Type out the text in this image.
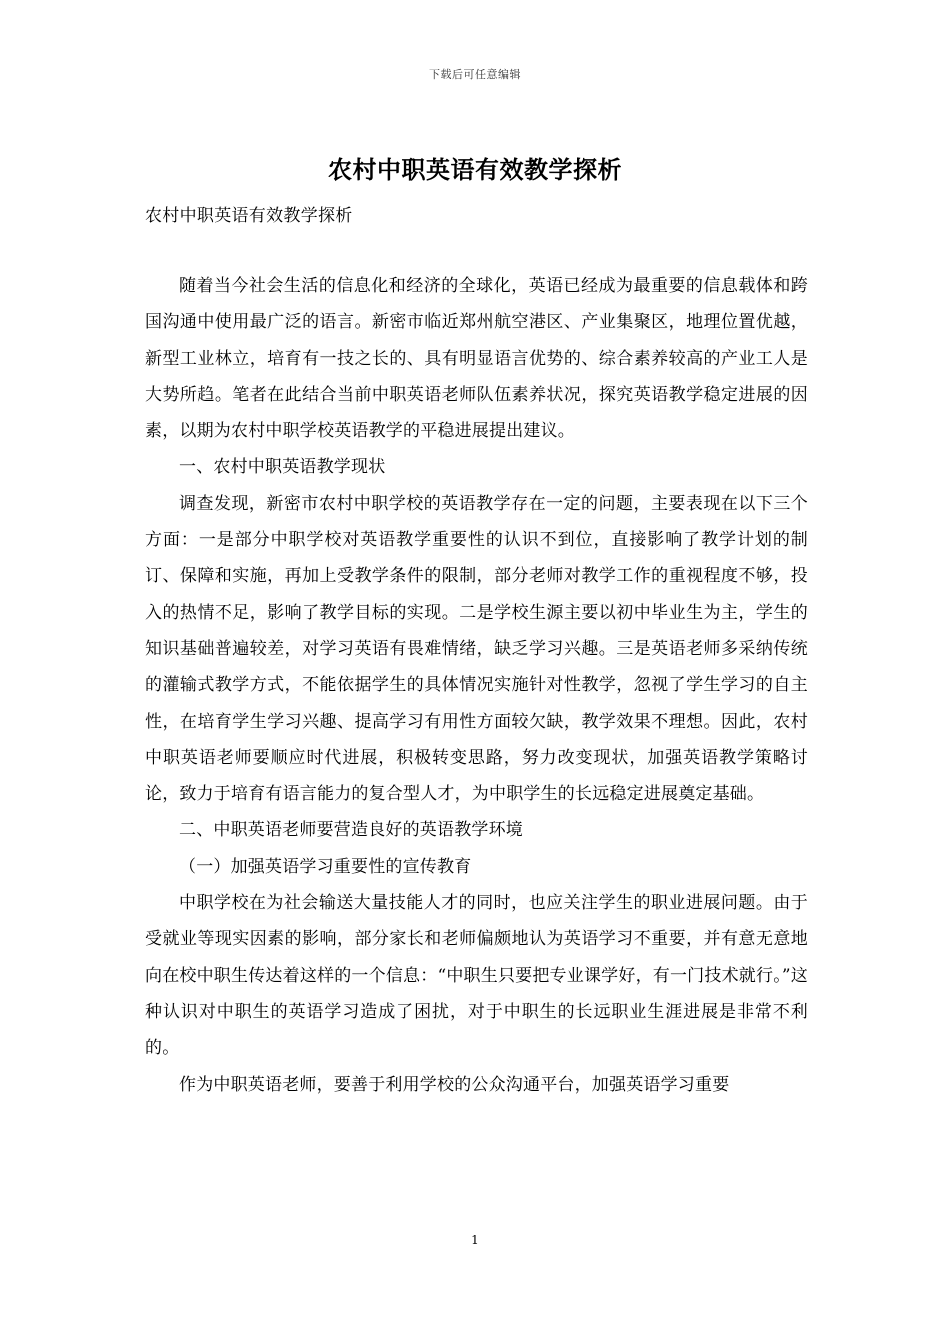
下载后可任意编辑
农村中职英语有效教学探析
农村中职英语有效教学探析

随着当今社会生活的信息化和经济的全球化，英语已经成为最重要的信息载体和跨国沟通中使用最广泛的语言。新密市临近郑州航空港区、产业集聚区，地理位置优越，新型工业林立，培育有一技之长的、具有明显语言优势的、综合素养较高的产业工人是大势所趋。笔者在此结合当前中职英语老师队伍素养状况，探究英语教学稳定进展的因素，以期为农村中职学校英语教学的平稳进展提出建议。

一、农村中职英语教学现状

调查发现，新密市农村中职学校的英语教学存在一定的问题，主要表现在以下三个方面：一是部分中职学校对英语教学重要性的认识不到位，直接影响了教学计划的制订、保障和实施，再加上受教学条件的限制，部分老师对教学工作的重视程度不够，投入的热情不足，影响了教学目标的实现。二是学校生源主要以初中毕业生为主，学生的知识基础普遍较差，对学习英语有畏难情绪，缺乏学习兴趣。三是英语老师多采纳传统的灌输式教学方式，不能依据学生的具体情况实施针对性教学，忽视了学生学习的自主性，在培育学生学习兴趣、提高学习有用性方面较欠缺，教学效果不理想。因此，农村中职英语老师要顺应时代进展，积极转变思路，努力改变现状，加强英语教学策略讨论，致力于培育有语言能力的复合型人才，为中职学生的长远稳定进展奠定基础。

二、中职英语老师要营造良好的英语教学环境

（一）加强英语学习重要性的宣传教育

中职学校在为社会输送大量技能人才的同时，也应关注学生的职业进展问题。由于受就业等现实因素的影响，部分家长和老师偏颇地认为英语学习不重要，并有意无意地向在校中职生传达着这样的一个信息：“中职生只要把专业课学好，有一门技术就行。”这种认识对中职生的英语学习造成了困扰，对于中职生的长远职业生涯进展是非常不利的。

作为中职英语老师，要善于利用学校的公众沟通平台，加强英语学习重要

1
